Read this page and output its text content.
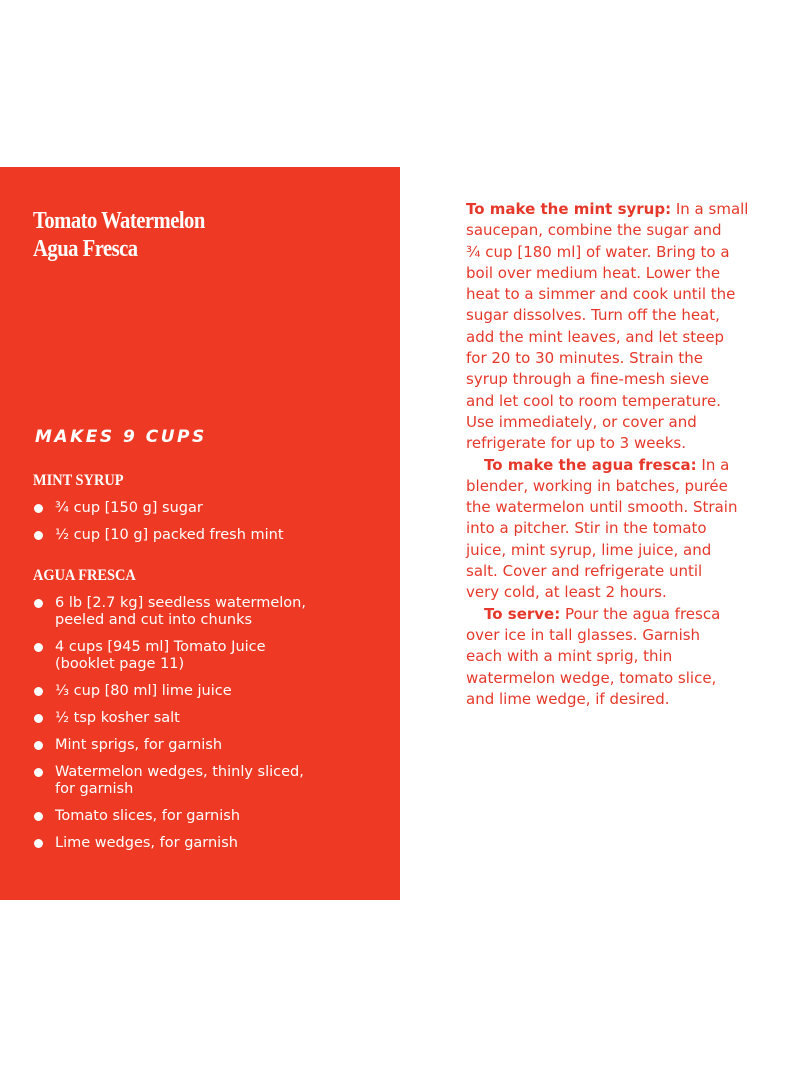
Tomato Watermelon
Agua Fresca
MAKES 9 CUPS
MINT SYRUP
¾ cup [150 g] sugar
½ cup [10 g] packed fresh mint
AGUA FRESCA
6 lb [2.7 kg] seedless watermelon,
peeled and cut into chunks
4 cups [945 ml] Tomato Juice
(booklet page 11)
⅓ cup [80 ml] lime juice
½ tsp kosher salt
Mint sprigs, for garnish
Watermelon wedges, thinly sliced,
for garnish
Tomato slices, for garnish
Lime wedges, for garnish
To make the mint syrup: In a small
saucepan, combine the sugar and
¾ cup [180 ml] of water. Bring to a
boil over medium heat. Lower the
heat to a simmer and cook until the
sugar dissolves. Turn off the heat,
add the mint leaves, and let steep
for 20 to 30 minutes. Strain the
syrup through a fine-mesh sieve
and let cool to room temperature.
Use immediately, or cover and
refrigerate for up to 3 weeks.
To make the agua fresca: In a
blender, working in batches, purée
the watermelon until smooth. Strain
into a pitcher. Stir in the tomato
juice, mint syrup, lime juice, and
salt. Cover and refrigerate until
very cold, at least 2 hours.
To serve: Pour the agua fresca
over ice in tall glasses. Garnish
each with a mint sprig, thin
watermelon wedge, tomato slice,
and lime wedge, if desired.
